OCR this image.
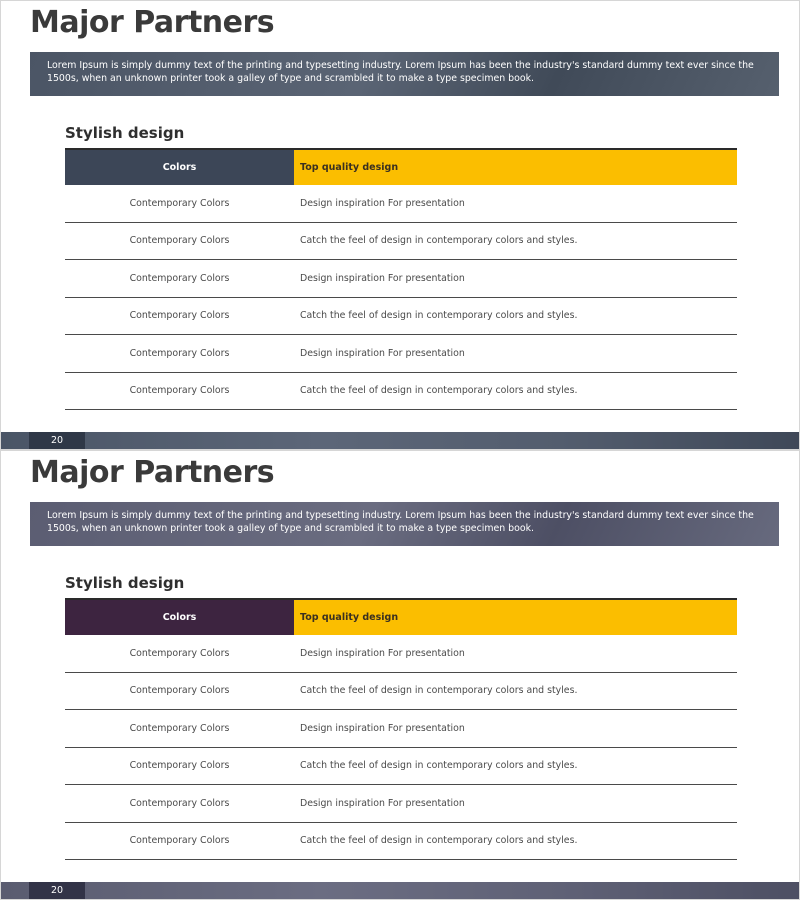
Major Partners
Lorem Ipsum is simply dummy text of the printing and typesetting industry. Lorem Ipsum has been the industry's standard dummy text ever since the 1500s, when an unknown printer took a galley of type and scrambled it to make a type specimen book.
Stylish design
Colors	Top quality design
Contemporary Colors	Design inspiration For presentation
Contemporary Colors	Catch the feel of design in contemporary colors and styles.
Contemporary Colors	Design inspiration For presentation
Contemporary Colors	Catch the feel of design in contemporary colors and styles.
Contemporary Colors	Design inspiration For presentation
Contemporary Colors	Catch the feel of design in contemporary colors and styles.
20
Major Partners
Lorem Ipsum is simply dummy text of the printing and typesetting industry. Lorem Ipsum has been the industry's standard dummy text ever since the 1500s, when an unknown printer took a galley of type and scrambled it to make a type specimen book.
Stylish design
Colors	Top quality design
Contemporary Colors	Design inspiration For presentation
Contemporary Colors	Catch the feel of design in contemporary colors and styles.
Contemporary Colors	Design inspiration For presentation
Contemporary Colors	Catch the feel of design in contemporary colors and styles.
Contemporary Colors	Design inspiration For presentation
Contemporary Colors	Catch the feel of design in contemporary colors and styles.
20
